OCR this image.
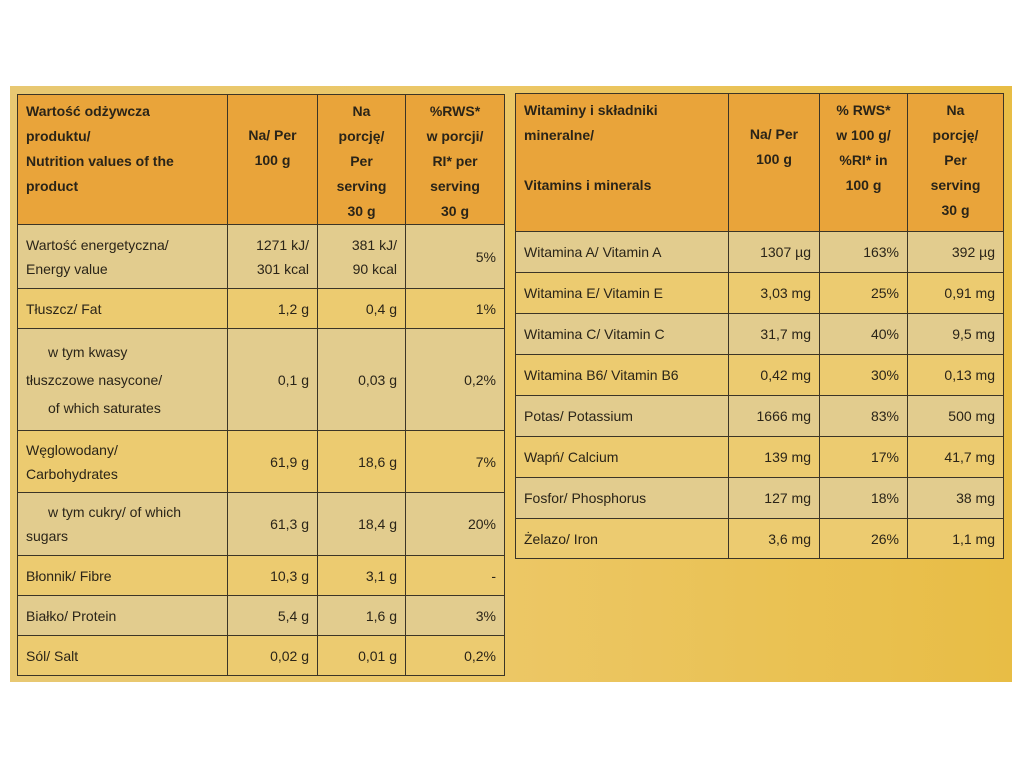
Wartość odżywcza
produktu/
Nutrition values of the
product	Na/ Per
100 g	Na
porcję/
Per
serving
30 g	%RWS*
w porcji/
RI* per
serving
30 g

Wartość energetyczna/
Energy value	1271 kJ/
301 kcal	381 kJ/
90 kcal	5%
Tłuszcz/ Fat	1,2 g	0,4 g	1%

w tym kwasy
tłuszczowe nasycone/
of which saturates	0,1 g	0,03 g	0,2%

Węglowodany/
Carbohydrates	61,9 g	18,6 g	7%

w tym cukry/ of which
sugars	61,3 g	18,4 g	20%
Błonnik/ Fibre	10,3 g	3,1 g	-
Białko/ Protein	5,4 g	1,6 g	3%
Sól/ Salt	0,02 g	0,01 g	0,2%
Witaminy i składniki
mineralne/

Vitamins i minerals	Na/ Per
100 g	% RWS*
w 100 g/
%RI* in
100 g	Na
porcję/
Per
serving
30 g

Witamina A/ Vitamin A	1307 µg	163%	392 µg
Witamina E/ Vitamin E	3,03 mg	25%	0,91 mg
Witamina C/ Vitamin C	31,7 mg	40%	9,5 mg
Witamina B6/ Vitamin B6	0,42 mg	30%	0,13 mg
Potas/ Potassium	1666 mg	83%	500 mg
Wapń/ Calcium	139 mg	17%	41,7 mg
Fosfor/ Phosphorus	127 mg	18%	38 mg
Żelazo/ Iron	3,6 mg	26%	1,1 mg
